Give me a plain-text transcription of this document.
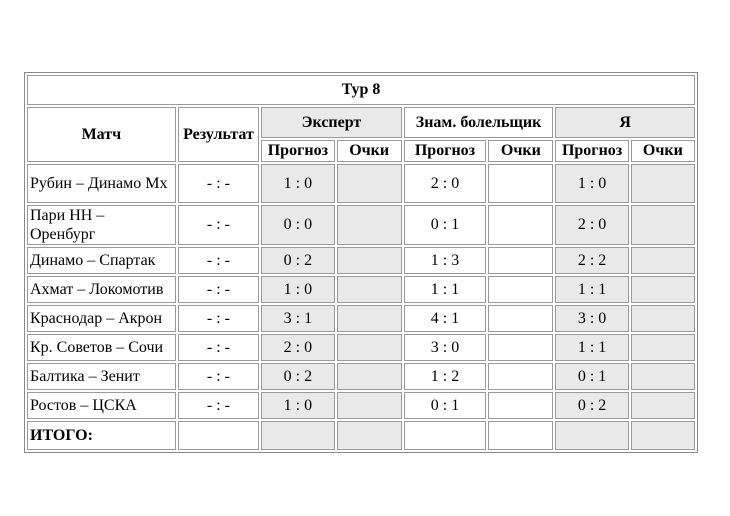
Тур 8							
Матч	Результат	Эксперт		Знам. болельщик		Я	
		Прогноз	Очки	Прогноз	Очки	Прогноз	Очки
Рубин – Динамо Мх	- : -	1 : 0		2 : 0		1 : 0	
Пари НН – Оренбург	- : -	0 : 0		0 : 1		2 : 0	
Динамо – Спартак	- : -	0 : 2		1 : 3		2 : 2	
Ахмат – Локомотив	- : -	1 : 0		1 : 1		1 : 1	
Краснодар – Акрон	- : -	3 : 1		4 : 1		3 : 0	
Кр. Советов – Сочи	- : -	2 : 0		3 : 0		1 : 1	
Балтика – Зенит	- : -	0 : 2		1 : 2		0 : 1	
Ростов – ЦСКА	- : -	1 : 0		0 : 1		0 : 2	
ИТОГО:							
